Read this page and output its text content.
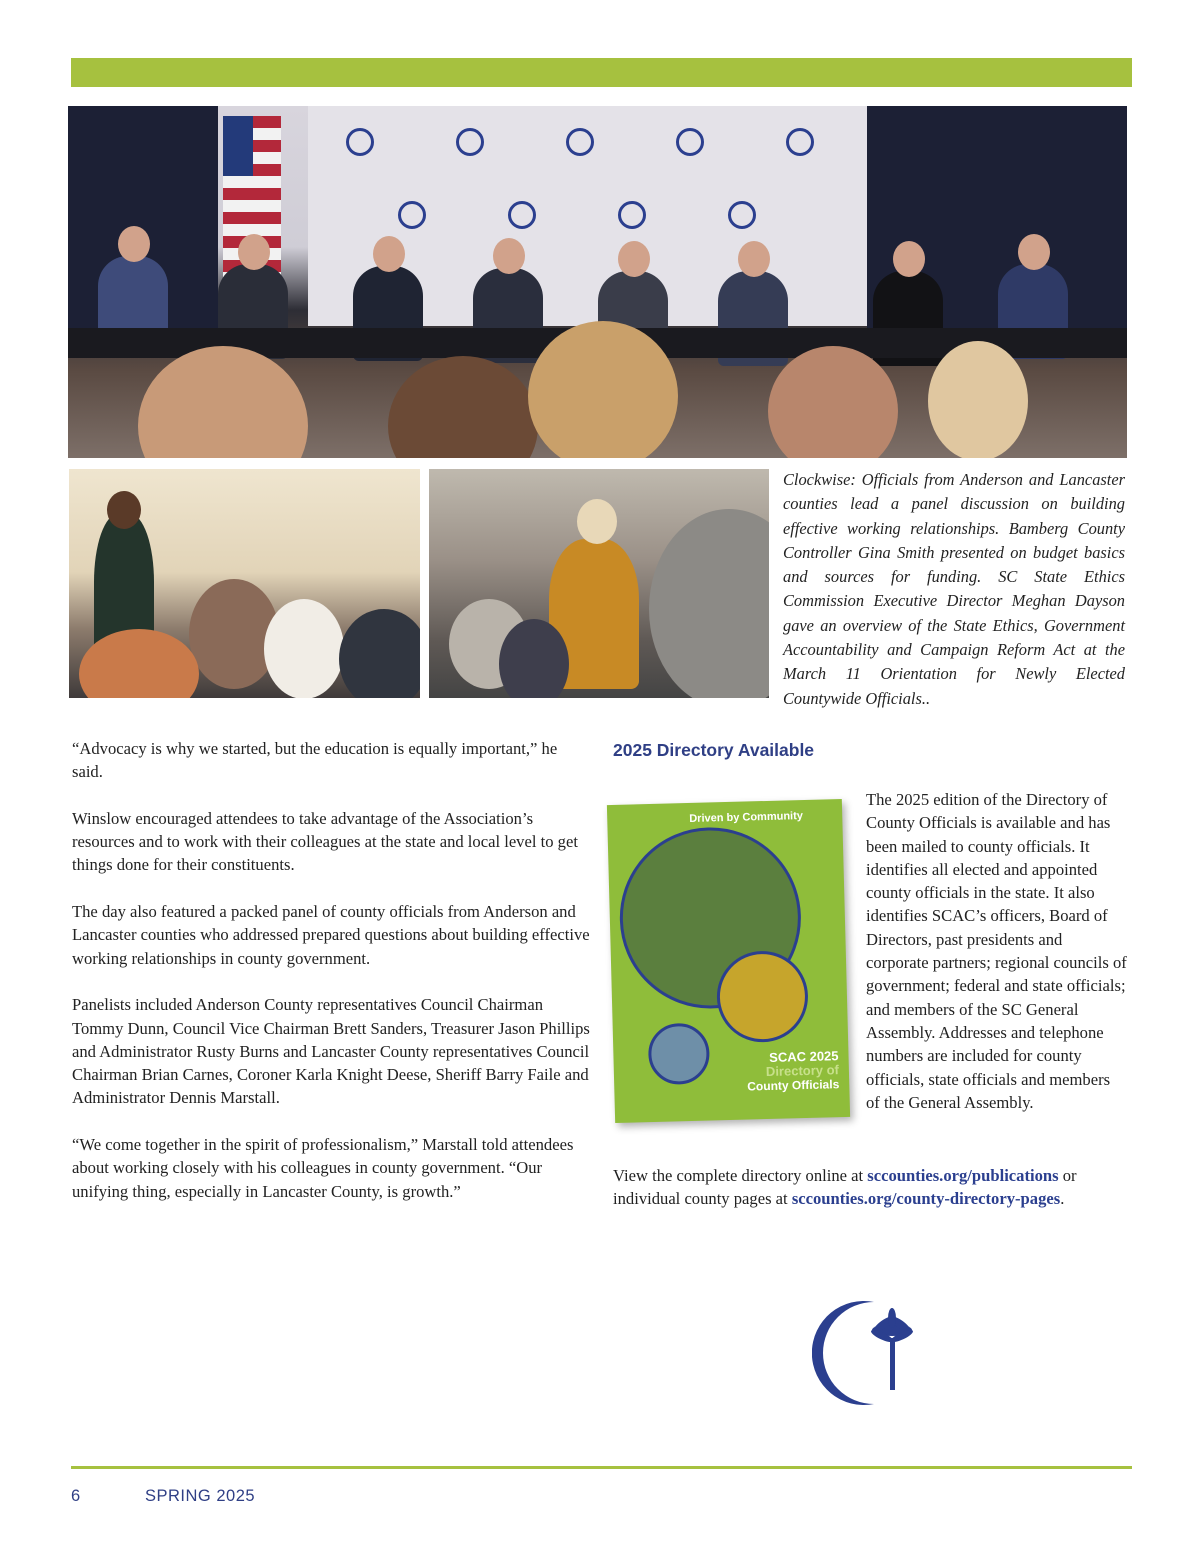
Clockwise: Officials from Anderson and Lancaster counties lead a panel discussion on building effective working relationships. Bamberg County Controller Gina Smith presented on budget basics and sources for funding. SC State Ethics Commission Executive Director Meghan Dayson gave an overview of the State Ethics, Government Accountability and Campaign Reform Act at the March 11 Orientation for Newly Elected Countywide Officials..

“Advocacy is why we started, but the education is equally important,” he said.

Winslow encouraged attendees to take advantage of the Association’s resources and to work with their colleagues at the state and local level to get things done for their constituents.

The day also featured a packed panel of county officials from Anderson and Lancaster counties who addressed prepared questions about building effective working relationships in county government.

Panelists included Anderson County representatives Council Chairman Tommy Dunn, Council Vice Chairman Brett Sanders, Treasurer Jason Phillips and Administrator Rusty Burns and Lancaster County representatives Council Chairman Brian Carnes, Coroner Karla Knight Deese, Sheriff Barry Faile and Administrator Dennis Marstall.

“We come together in the spirit of professionalism,” Marstall told attendees about working closely with his colleagues in county government. “Our unifying thing, especially in Lancaster County, is growth.”

2025 Directory Available
Driven by Community
SCAC 2025
Directory of
County Officials

The 2025 edition of the Directory of County Officials is available and has been mailed to county officials. It identifies all elected and appointed county officials in the state. It also identifies SCAC’s officers, Board of Directors, past presidents and corporate partners; regional councils of government; federal and state officials; and members of the SC General Assembly. Addresses and telephone numbers are included for county officials, state officials and members of the General Assembly.

View the complete directory online at sccounties.org/publications or individual county pages at sccounties.org/county-directory-pages.

6	SPRING 2025
